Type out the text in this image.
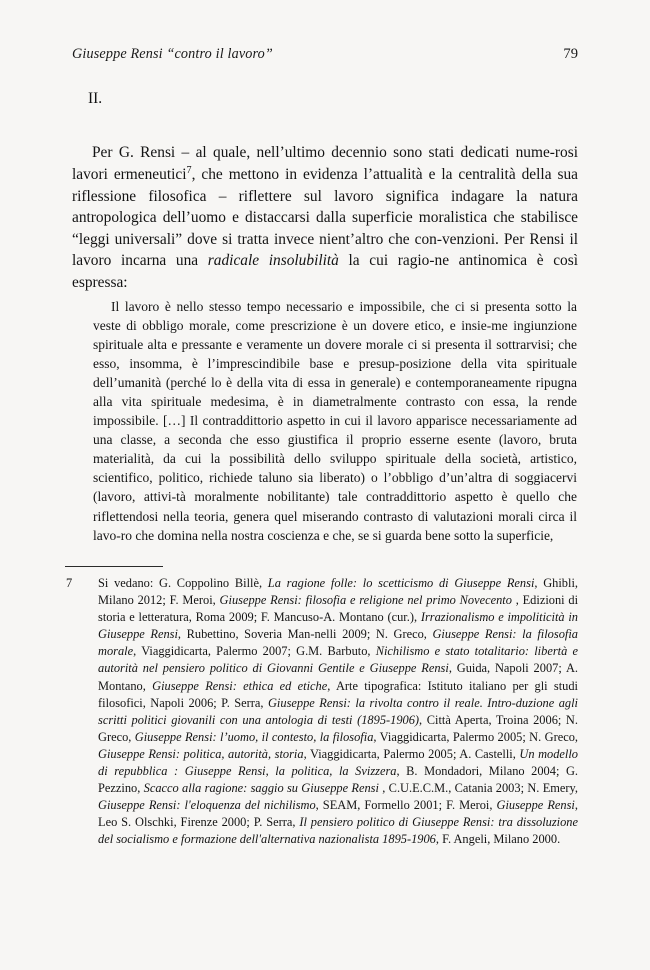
Giuseppe Rensi “contro il lavoro”	79
II.

Per G. Rensi – al quale, nell’ultimo decennio sono stati dedicati nume-rosi lavori ermeneutici$^7$, che mettono in evidenza l’attualità e la centralità della sua riflessione filosofica – riflettere sul lavoro significa indagare la natura antropologica dell’uomo e distaccarsi dalla superficie moralistica che stabilisce “leggi universali” dove si tratta invece nient’altro che con-venzioni. Per Rensi il lavoro incarna una radicale insolubilità la cui ragio-ne antinomica è così espressa:

Il lavoro è nello stesso tempo necessario e impossibile, che ci si presenta sotto la veste di obbligo morale, come prescrizione è un dovere etico, e insie-me ingiunzione spirituale alta e pressante e veramente un dovere morale ci si presenta il sottrarvisi; che esso, insomma, è l’imprescindibile base e presup-posizione della vita spirituale dell’umanità (perché lo è della vita di essa in generale) e contemporaneamente ripugna alla vita spirituale medesima, è in diametralmente contrasto con essa, la rende impossibile. […] Il contraddittorio aspetto in cui il lavoro apparisce necessariamente ad una classe, a seconda che esso giustifica il proprio esserne esente (lavoro, bruta materialità, da cui la possibilità dello sviluppo spirituale della società, artistico, scientifico, politico, richiede taluno sia liberato) o l’obbligo d’un’altra di soggiacervi (lavoro, attivi-tà moralmente nobilitante) tale contraddittorio aspetto è quello che riflettendosi nella teoria, genera quel miserando contrasto di valutazioni morali circa il lavo-ro che domina nella nostra coscienza e che, se si guarda bene sotto la superficie,

7	Si vedano: G. Coppolino Billè, La ragione folle: lo scetticismo di Giuseppe Rensi, Ghibli, Milano 2012; F. Meroi, Giuseppe Rensi: filosofia e religione nel primo Novecento , Edizioni di storia e letteratura, Roma 2009; F. Mancuso-A. Montano (cur.), Irrazionalismo e impoliticità in Giuseppe Rensi, Rubettino, Soveria Man-nelli 2009; N. Greco, Giuseppe Rensi: la filosofia morale, Viaggidicarta, Palermo 2007; G.M. Barbuto, Nichilismo e stato totalitario: libertà e autorità nel pensiero politico di Giovanni Gentile e Giuseppe Rensi, Guida, Napoli 2007; A. Montano, Giuseppe Rensi: ethica ed etiche, Arte tipografica: Istituto italiano per gli studi filosofici, Napoli 2006; P. Serra, Giuseppe Rensi: la rivolta contro il reale. Intro-duzione agli scritti politici giovanili con una antologia di testi (1895-1906), Città Aperta, Troina 2006; N. Greco, Giuseppe Rensi: l’uomo, il contesto, la filosofia, Viaggidicarta, Palermo 2005; N. Greco, Giuseppe Rensi: politica, autorità, storia, Viaggidicarta, Palermo 2005; A. Castelli, Un modello di repubblica : Giuseppe Rensi, la politica, la Svizzera, B. Mondadori, Milano 2004; G. Pezzino, Scacco alla ragione: saggio su Giuseppe Rensi , C.U.E.C.M., Catania 2003; N. Emery, Giuseppe Rensi: l'eloquenza del nichilismo, SEAM, Formello 2001; F. Meroi, Giuseppe Rensi, Leo S. Olschki, Firenze 2000; P. Serra, Il pensiero politico di Giuseppe Rensi: tra dissoluzione del socialismo e formazione dell'alternativa nazionalista 1895-1906, F. Angeli, Milano 2000.
